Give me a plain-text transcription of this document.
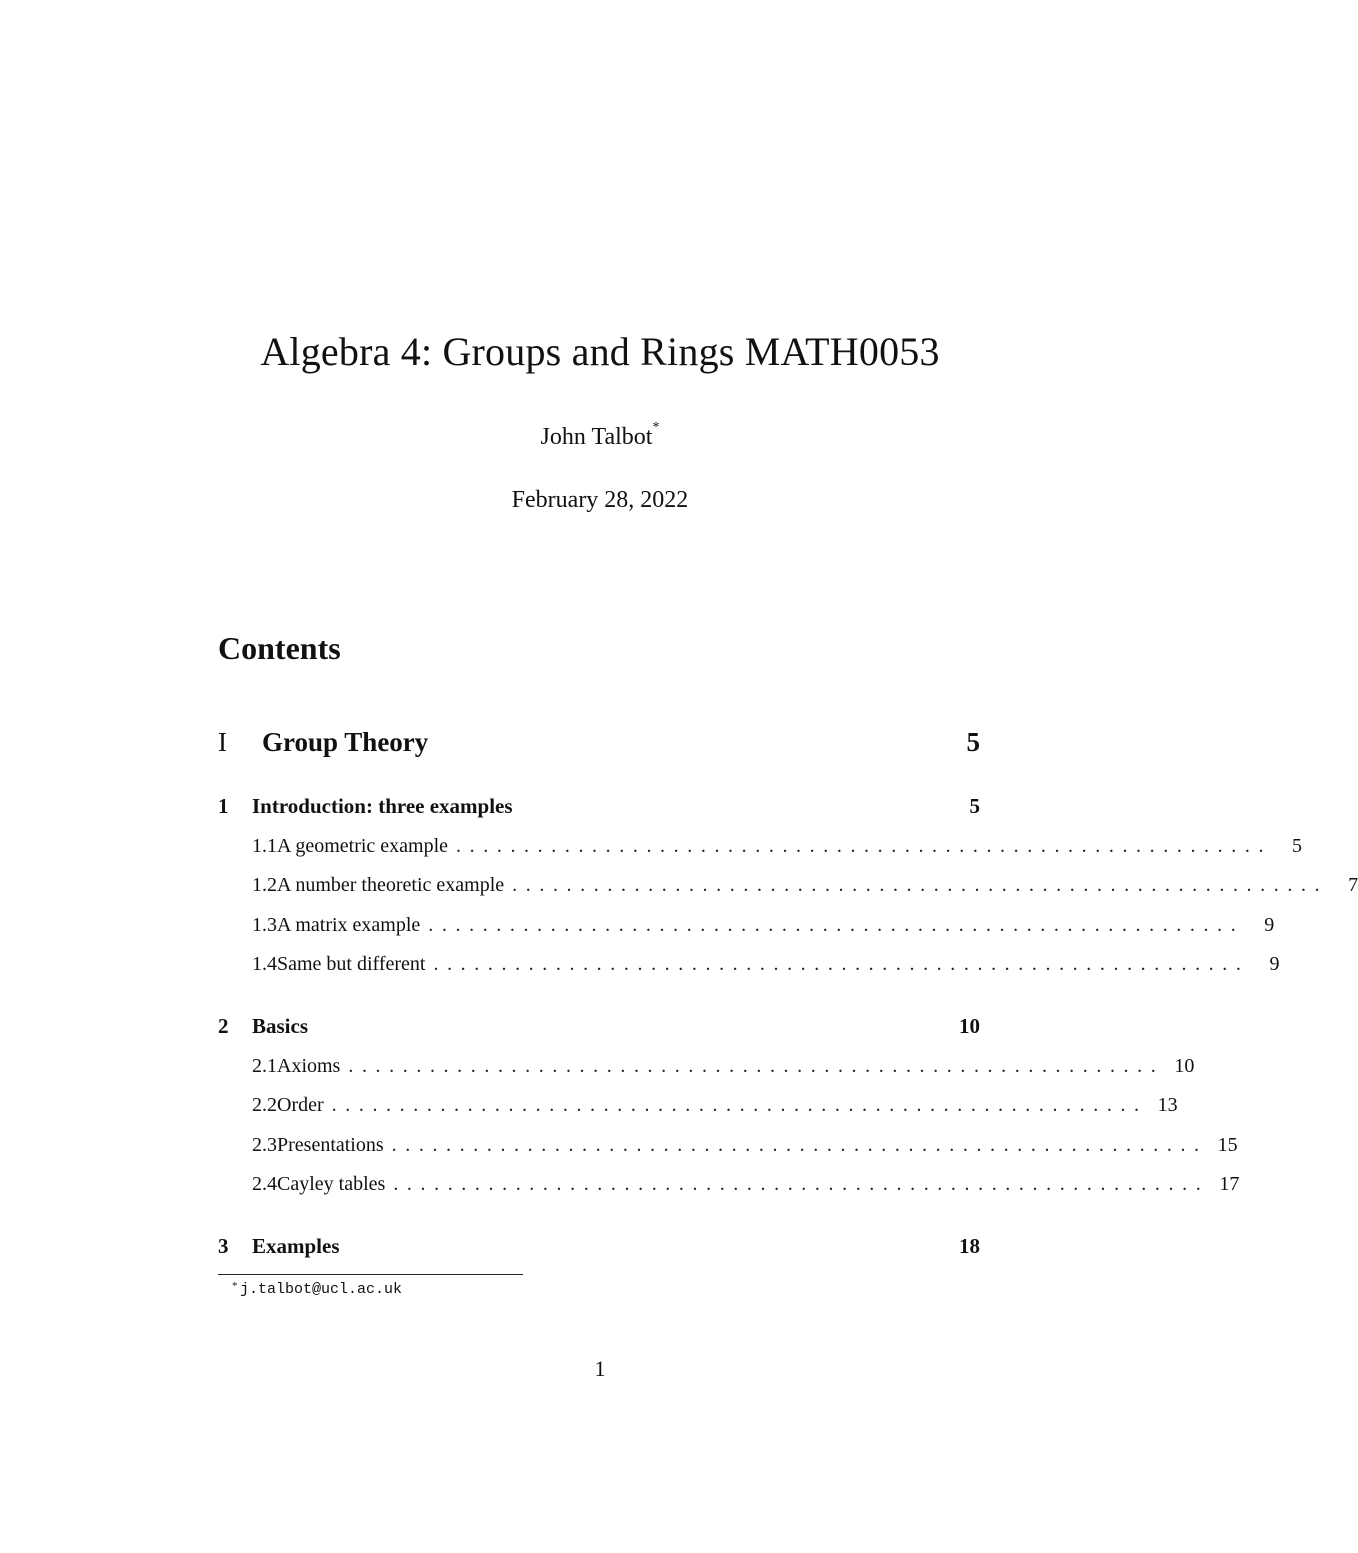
Algebra 4: Groups and Rings MATH0053
John Talbot*
February 28, 2022
Contents
I	Group Theory	5
1	Introduction: three examples	5
1.1 A geometric example ............................................................	5
1.2 A number theoretic example ............................................................	7
1.3 A matrix example ............................................................	9
1.4 Same but different ............................................................	9
2	Basics	10
2.1 Axioms ............................................................ 10
2.2 Order ............................................................ 13
2.3 Presentations ............................................................ 15
2.4 Cayley tables ............................................................ 17
3	Examples	18
* j.talbot@ucl.ac.uk
1
